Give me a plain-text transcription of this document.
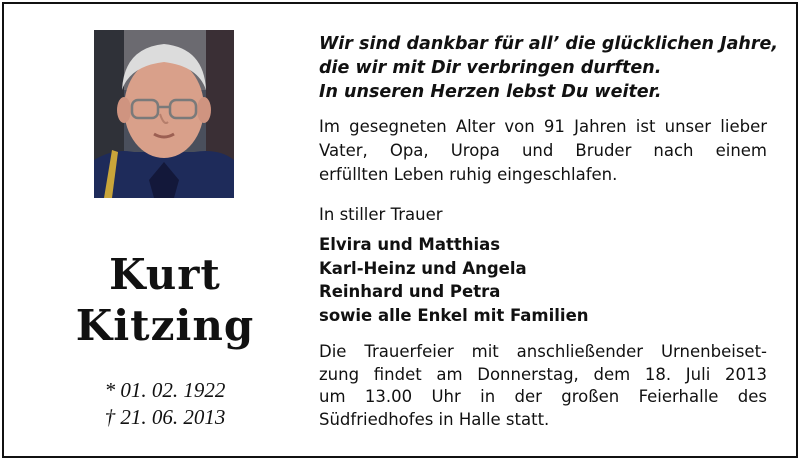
Kurt
Kitzing
* 01. 02. 1922
† 21. 06. 2013
Wir sind dankbar für all’ die glücklichen Jahre,
die wir mit Dir verbringen durften.
In unseren Herzen lebst Du weiter.
Im gesegneten Alter von 91 Jahren ist unser lieber
Vater, Opa, Uropa und Bruder nach einem
erfüllten Leben ruhig eingeschlafen.
In stiller Trauer
Elvira und Matthias
Karl-Heinz und Angela
Reinhard und Petra
sowie alle Enkel mit Familien
Die Trauerfeier mit anschließender Urnenbeiset-
zung findet am Donnerstag, dem 18. Juli 2013
um 13.00 Uhr in der großen Feierhalle des
Südfriedhofes in Halle statt.
